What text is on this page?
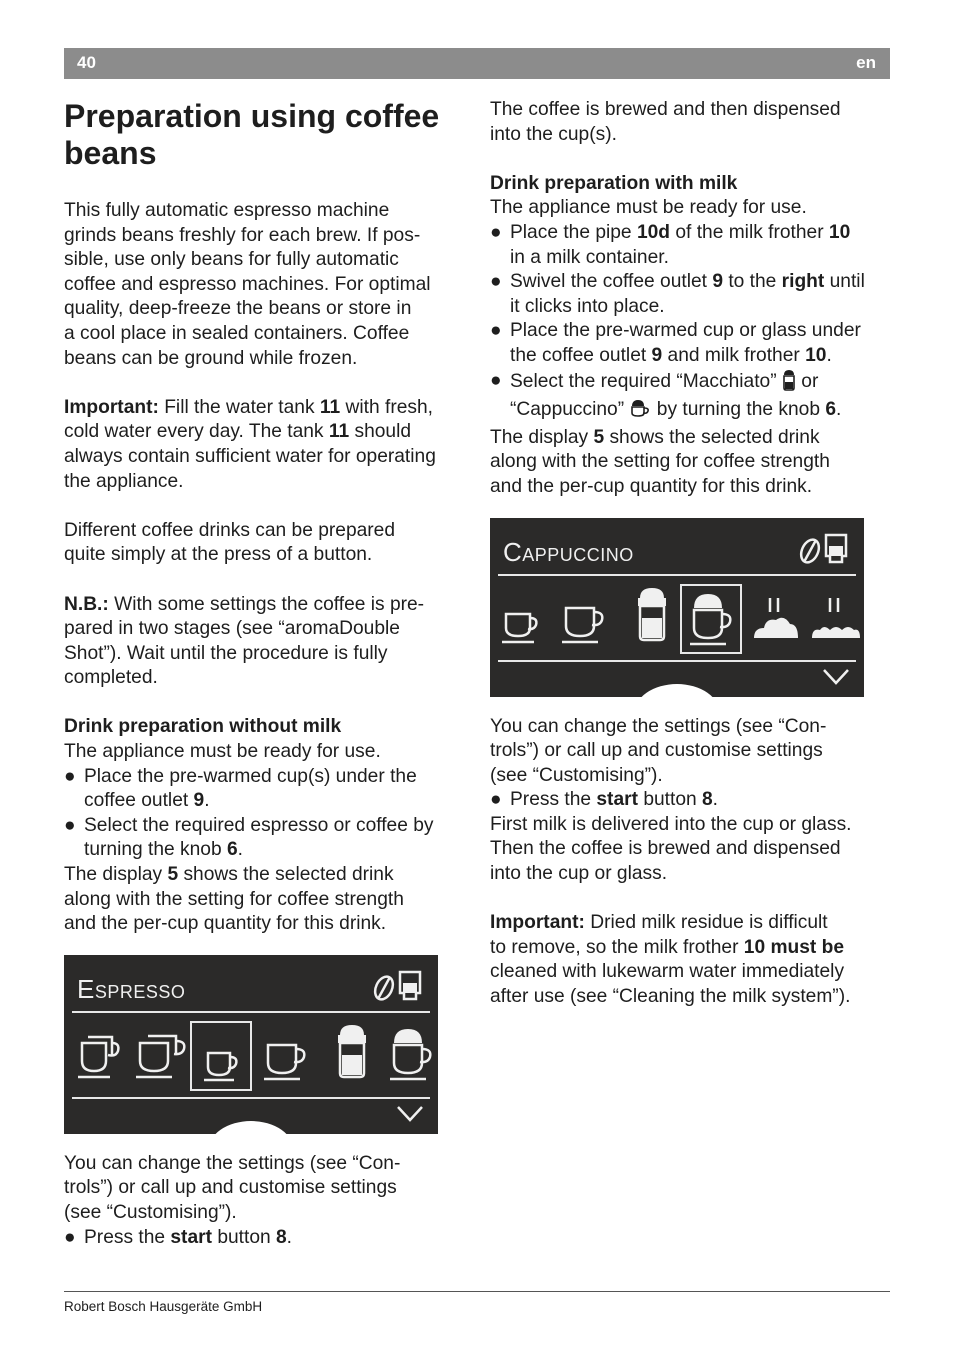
40	en
Preparation using coffee beans

This fully automatic espresso machine

grinds beans freshly for each brew. If pos-

sible, use only beans for fully automatic

coffee and espresso machines. For optimal

quality, deep-freeze the beans or store in

a cool place in sealed containers. Coffee

beans can be ground while frozen.

Important: Fill the water tank 11 with fresh,

cold water every day. The tank 11 should

always contain sufficient water for operating

the appliance.

Different coffee drinks can be prepared

quite simply at the press of a button.

N.B.: With some settings the coffee is pre-

pared in two stages (see “aromaDouble

Shot”). Wait until the procedure is fully

completed.

Drink preparation without milk

The appliance must be ready for use.

● Place the pre-warmed cup(s) under the

coffee outlet 9.

● Select the required espresso or coffee by

turning the knob 6.

The display 5 shows the selected drink

along with the setting for coffee strength

and the per-cup quantity for this drink.

Espresso

You can change the settings (see “Con-

trols”) or call up and customise settings

(see “Customising”).

● Press the start button 8.

The coffee is brewed and then dispensed

into the cup(s).

Drink preparation with milk

The appliance must be ready for use.

● Place the pipe 10d of the milk frother 10

in a milk container.

● Swivel the coffee outlet 9 to the right until

it clicks into place.

● Place the pre-warmed cup or glass under

the coffee outlet 9 and milk frother 10.

● Select the required “Macchiato”  or

“Cappuccino”  by turning the knob 6.

The display 5 shows the selected drink

along with the setting for coffee strength

and the per-cup quantity for this drink.

Cappuccino

You can change the settings (see “Con-

trols”) or call up and customise settings

(see “Customising”).

● Press the start button 8.

First milk is delivered into the cup or glass.

Then the coffee is brewed and dispensed

into the cup or glass.

Important: Dried milk residue is difficult

to remove, so the milk frother 10 must be

cleaned with lukewarm water immediately

after use (see “Cleaning the milk system”).

Robert Bosch Hausgeräte GmbH
